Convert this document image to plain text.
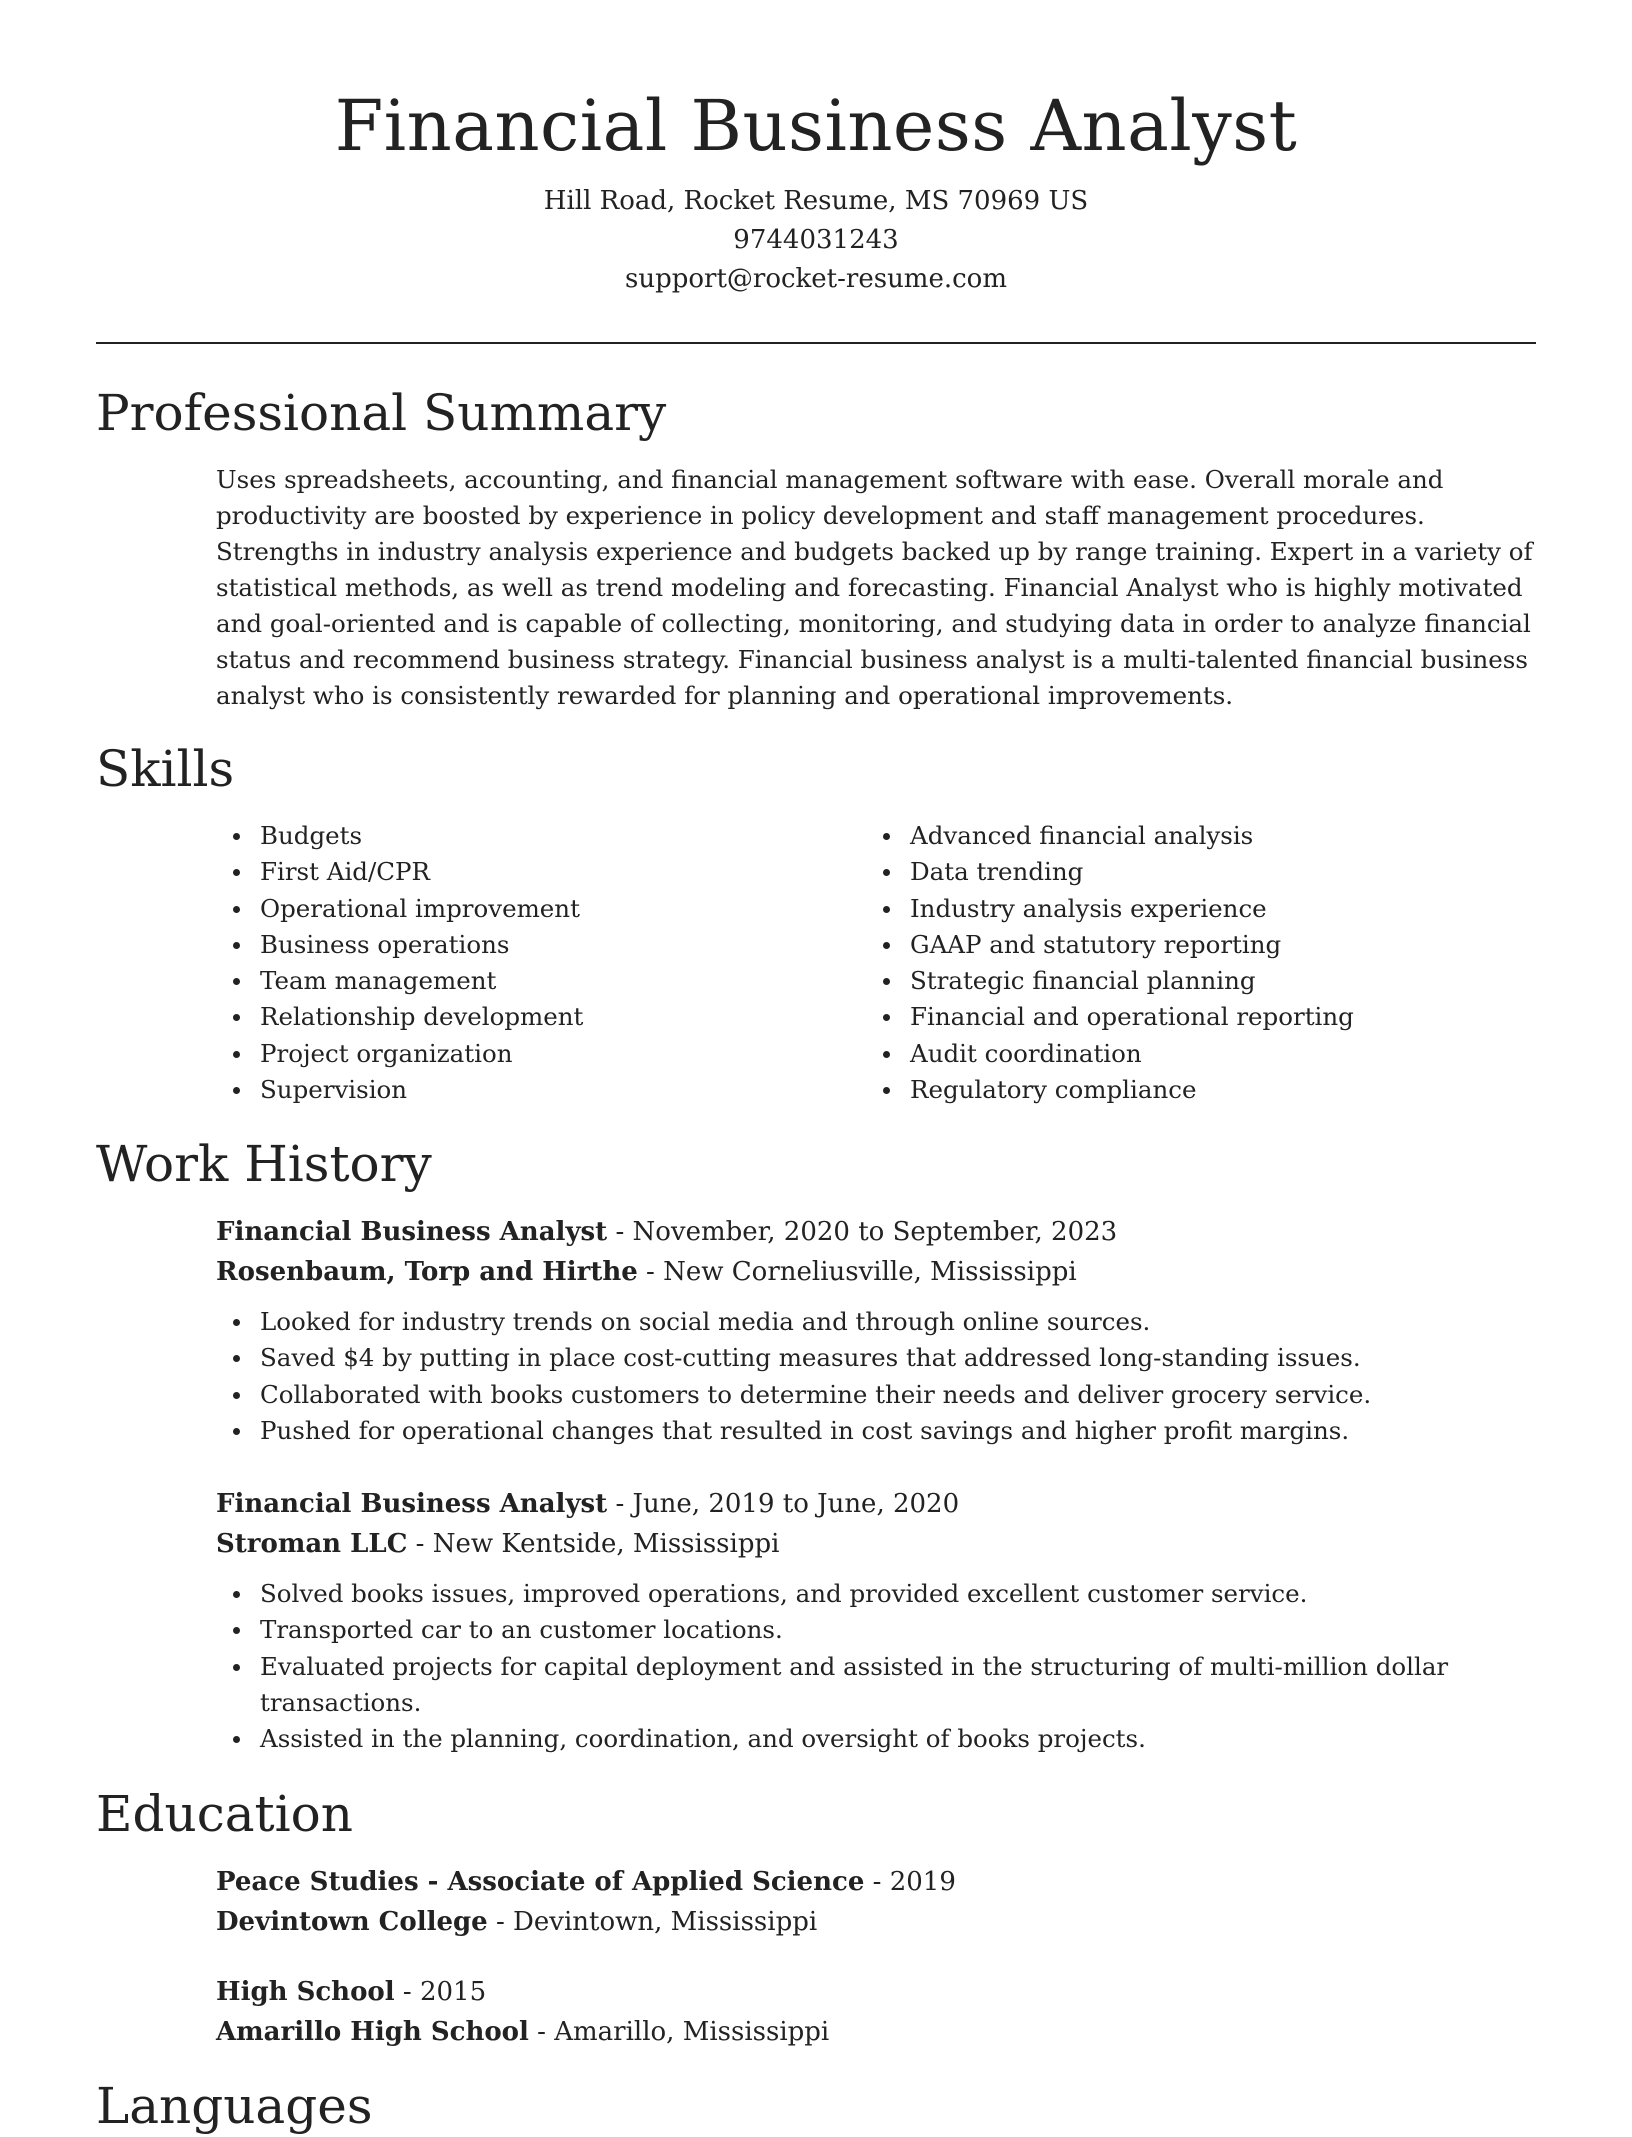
Financial Business Analyst
Hill Road, Rocket Resume, MS 70969 US
9744031243
support@rocket-resume.com
Professional Summary

Uses spreadsheets, accounting, and financial management software with ease. Overall morale and productivity are boosted by experience in policy development and staff management procedures. Strengths in industry analysis experience and budgets backed up by range training. Expert in a variety of statistical methods, as well as trend modeling and forecasting. Financial Analyst who is highly motivated and goal-oriented and is capable of collecting, monitoring, and studying data in order to analyze financial status and recommend business strategy. Financial business analyst is a multi-talented financial business analyst who is consistently rewarded for planning and operational improvements.

Skills
Budgets
First Aid/CPR
Operational improvement
Business operations
Team management
Relationship development
Project organization
Supervision
Advanced financial analysis
Data trending
Industry analysis experience
GAAP and statutory reporting
Strategic financial planning
Financial and operational reporting
Audit coordination
Regulatory compliance
Work History
Financial Business Analyst - November, 2020 to September, 2023
Rosenbaum, Torp and Hirthe - New Corneliusville, Mississippi
Looked for industry trends on social media and through online sources.
Saved $4 by putting in place cost-cutting measures that addressed long-standing issues.
Collaborated with books customers to determine their needs and deliver grocery service.
Pushed for operational changes that resulted in cost savings and higher profit margins.
Financial Business Analyst - June, 2019 to June, 2020
Stroman LLC - New Kentside, Mississippi
Solved books issues, improved operations, and provided excellent customer service.
Transported car to an customer locations.
Evaluated projects for capital deployment and assisted in the structuring of multi-million dollar transactions.
Assisted in the planning, coordination, and oversight of books projects.
Education
Peace Studies - Associate of Applied Science - 2019
Devintown College - Devintown, Mississippi
High School - 2015
Amarillo High School - Amarillo, Mississippi
Languages
